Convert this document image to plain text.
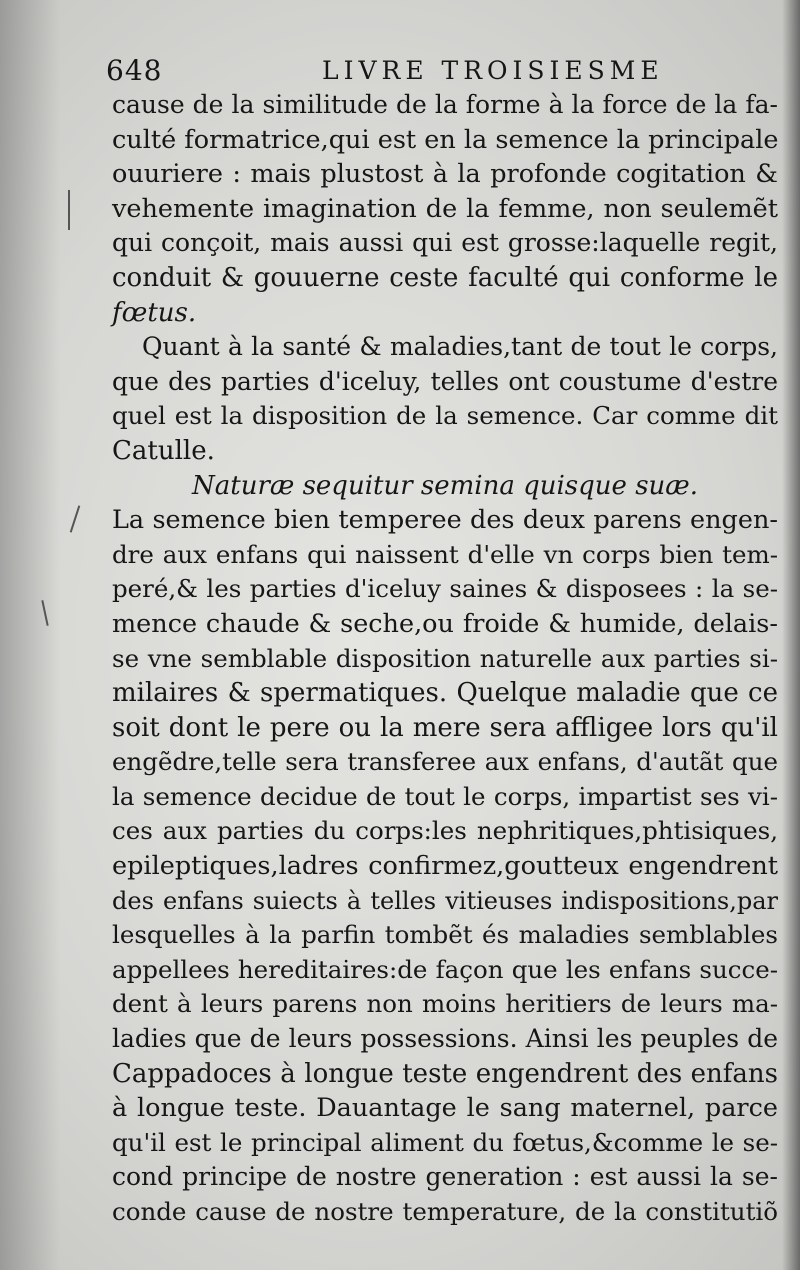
648	LIVRE TROISIESME
cause de la similitude de la forme à la force de la fa-
culté formatrice,qui est en la semence la principale
ouuriere : mais plustost à la profonde cogitation &
vehemente imagination de la femme, non seulemẽt
qui conçoit, mais aussi qui est grosse:laquelle regit,
conduit & gouuerne ceste faculté qui conforme le
fœtus.
Quant à la santé & maladies,tant de tout le corps,
que des parties d'iceluy, telles ont coustume d'estre
quel est la disposition de la semence. Car comme dit
Catulle.
Naturæ sequitur semina quisque suæ.
La semence bien temperee des deux parens engen-
dre aux enfans qui naissent d'elle vn corps bien tem-
peré,& les parties d'iceluy saines & disposees : la se-
mence chaude & seche,ou froide & humide, delais-
se vne semblable disposition naturelle aux parties si-
milaires & spermatiques. Quelque maladie que ce
soit dont le pere ou la mere sera affligee lors qu'il
engẽdre,telle sera transferee aux enfans, d'autãt que
la semence decidue de tout le corps, impartist ses vi-
ces aux parties du corps:les nephritiques,phtisiques,
epileptiques,ladres confirmez,goutteux engendrent
des enfans suiects à telles vitieuses indispositions,par
lesquelles à la parfin tombẽt és maladies semblables
appellees hereditaires:de façon que les enfans succe-
dent à leurs parens non moins heritiers de leurs ma-
ladies que de leurs possessions. Ainsi les peuples de
Cappadoces à longue teste engendrent des enfans
à longue teste. Dauantage le sang maternel, parce
qu'il est le principal aliment du fœtus,&comme le se-
cond principe de nostre generation : est aussi la se-
conde cause de nostre temperature, de la constitutiõ
